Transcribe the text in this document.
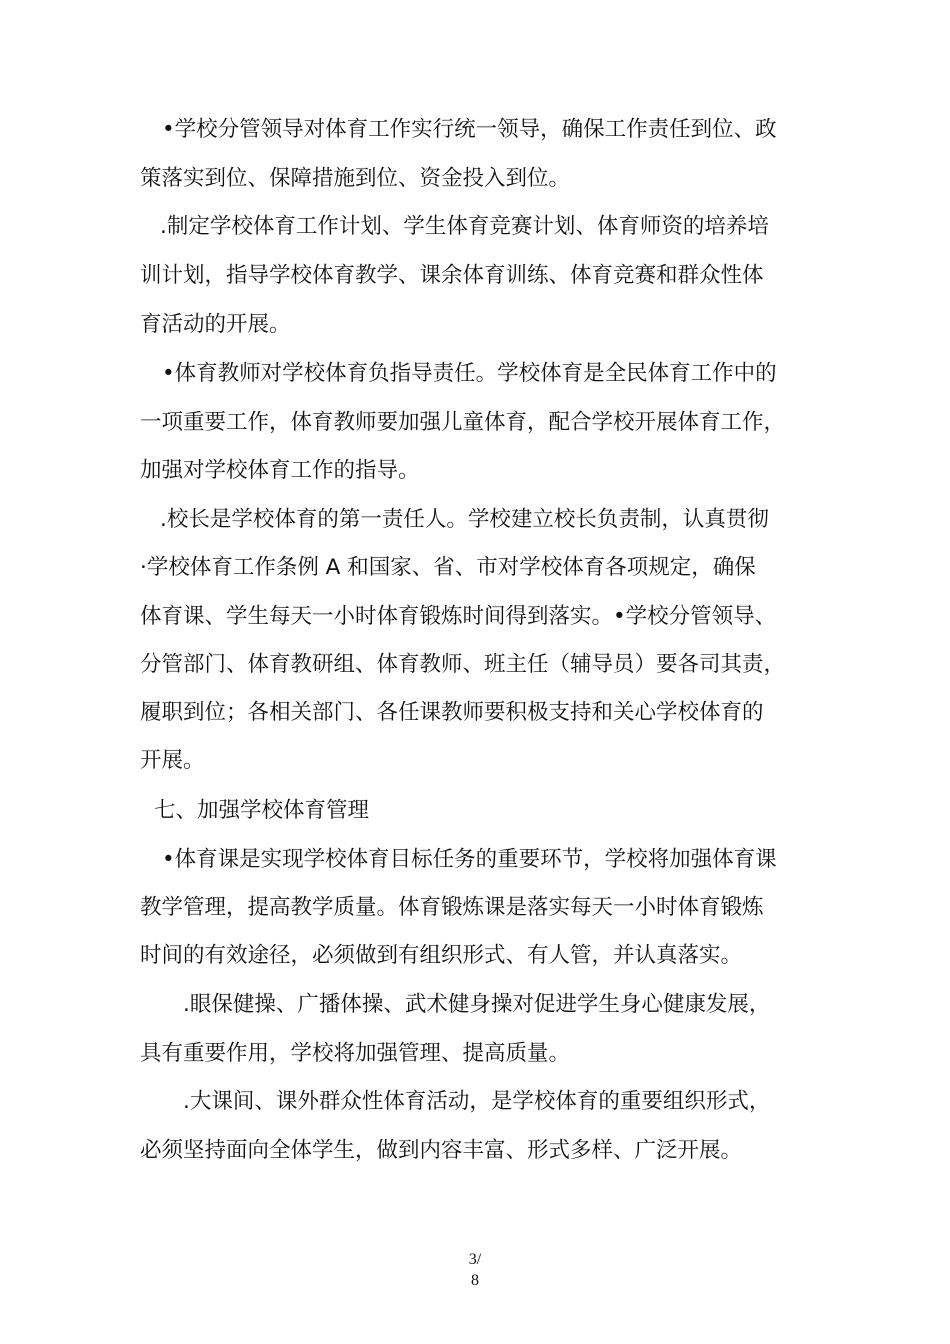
•学校分管领导对体育工作实行统一领导，确保工作责任到位、政
策落实到位、保障措施到位、资金投入到位。
.制定学校体育工作计划、学生体育竞赛计划、体育师资的培养培
训计划，指导学校体育教学、课余体育训练、体育竞赛和群众性体
育活动的开展。
•体育教师对学校体育负指导责任。学校体育是全民体育工作中的
一项重要工作，体育教师要加强儿童体育，配合学校开展体育工作，
加强对学校体育工作的指导。
.校长是学校体育的第一责任人。学校建立校长负责制，认真贯彻
·学校体育工作条例 A 和国家、省、市对学校体育各项规定，确保
体育课、学生每天一小时体育锻炼时间得到落实。•学校分管领导、
分管部门、体育教研组、体育教师、班主任（辅导员）要各司其责，
履职到位；各相关部门、各任课教师要积极支持和关心学校体育的
开展。
七、加强学校体育管理
•体育课是实现学校体育目标任务的重要环节，学校将加强体育课
教学管理，提高教学质量。体育锻炼课是落实每天一小时体育锻炼
时间的有效途径，必须做到有组织形式、有人管，并认真落实。
.眼保健操、广播体操、武术健身操对促进学生身心健康发展，
具有重要作用，学校将加强管理、提高质量。
.大课间、课外群众性体育活动，是学校体育的重要组织形式，
必须坚持面向全体学生，做到内容丰富、形式多样、广泛开展。
3/
8
